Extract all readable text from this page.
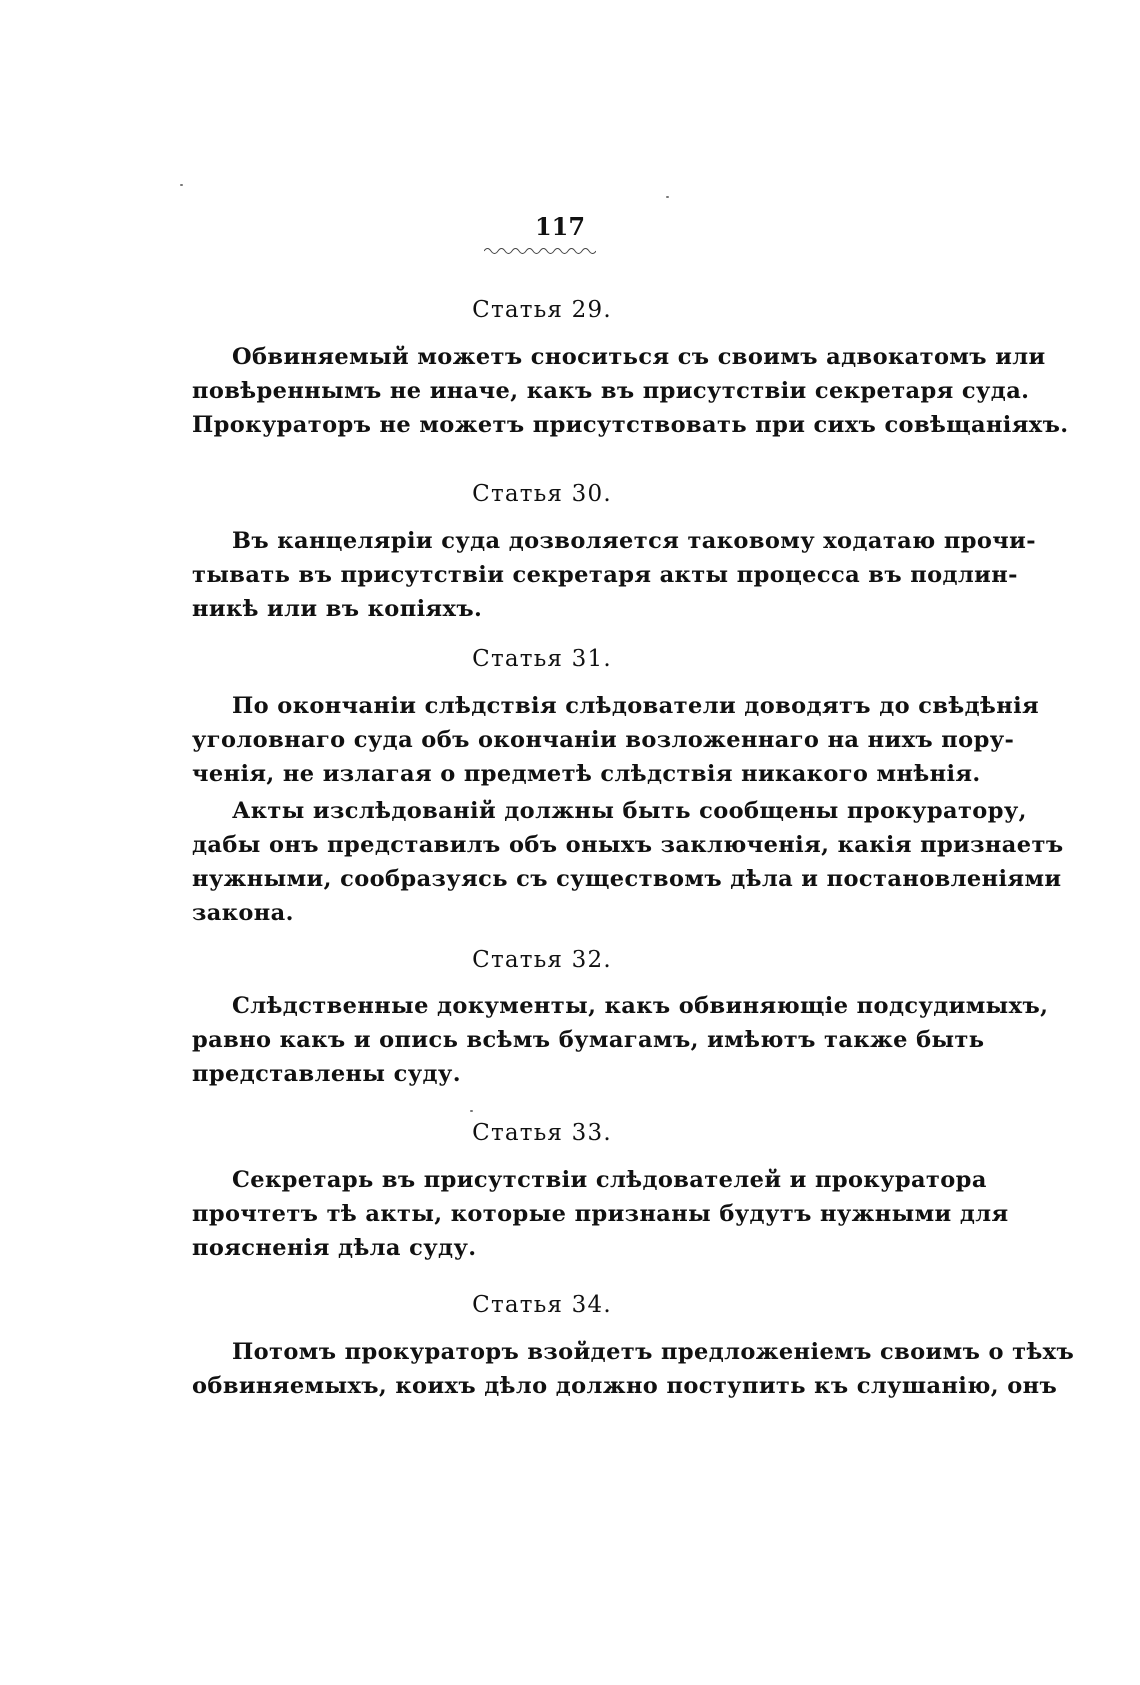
117
Статья 29.
Обвиняемый можетъ сноситься съ своимъ адвокатомъ или
повѣреннымъ не иначе, какъ въ присутствіи секретаря суда.
Прокураторъ не можетъ присутствовать при сихъ совѣщаніяхъ.
Статья 30.
Въ канцеляріи суда дозволяется таковому ходатаю прочи-
тывать въ присутствіи секретаря акты процесса въ подлин-
никѣ или въ копіяхъ.
Статья 31.
По окончаніи слѣдствія слѣдователи доводятъ до свѣдѣнія
уголовнаго суда объ окончаніи возложеннаго на нихъ пору-
ченія, не излагая о предметѣ слѣдствія никакого мнѣнія.
Акты изслѣдованій должны быть сообщены прокуратору,
дабы онъ представилъ объ оныхъ заключенія, какія признаетъ
нужными, сообразуясь съ существомъ дѣла и постановленіями
закона.
Статья 32.
Слѣдственные документы, какъ обвиняющіе подсудимыхъ,
равно какъ и опись всѣмъ бумагамъ, имѣютъ также быть
представлены суду.
Статья 33.
Секретарь въ присутствіи слѣдователей и прокуратора
прочтетъ тѣ акты, которые признаны будутъ нужными для
поясненія дѣла суду.
Статья 34.
Потомъ прокураторъ взойдетъ предложеніемъ своимъ о тѣхъ
обвиняемыхъ, коихъ дѣло должно поступить къ слушанію, онъ
